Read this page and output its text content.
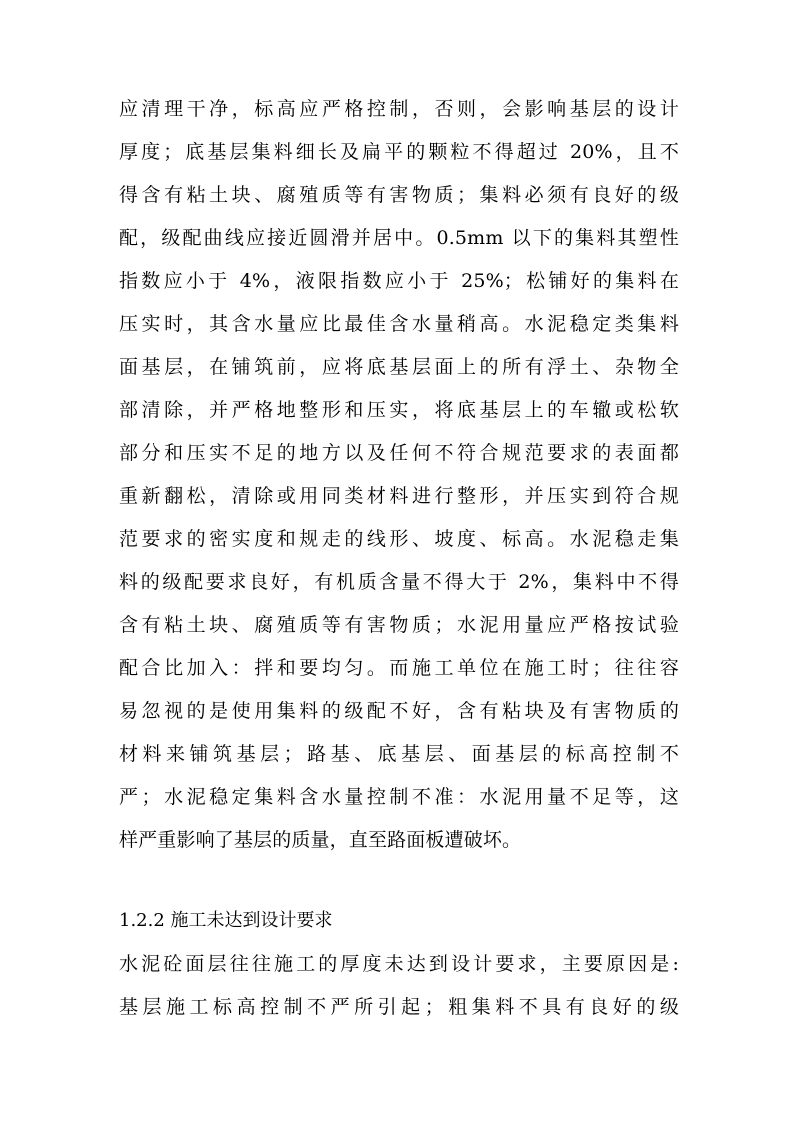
应清理干净，标高应严格控制，否则，会影响基层的设计
厚度；底基层集料细长及扁平的颗粒不得超过 20%，且不
得含有粘土块、腐殖质等有害物质；集料必须有良好的级
配，级配曲线应接近圆滑并居中。0.5mm 以下的集料其塑性
指数应小于 4%，液限指数应小于 25%；松铺好的集料在
压实时，其含水量应比最佳含水量稍高。水泥稳定类集料
面基层，在铺筑前，应将底基层面上的所有浮土、杂物全
部清除，并严格地整形和压实，将底基层上的车辙或松软
部分和压实不足的地方以及任何不符合规范要求的表面都
重新翻松，清除或用同类材料进行整形，并压实到符合规
范要求的密实度和规走的线形、坡度、标高。水泥稳走集
料的级配要求良好，有机质含量不得大于 2%，集料中不得
含有粘土块、腐殖质等有害物质；水泥用量应严格按试验
配合比加入：拌和要均匀。而施工单位在施工时；往往容
易忽视的是使用集料的级配不好，含有粘块及有害物质的
材料来铺筑基层；路基、底基层、面基层的标高控制不
严；水泥稳定集料含水量控制不准：水泥用量不足等，这
样严重影响了基层的质量，直至路面板遭破坏。
1.2.2 施工未达到设计要求
水泥砼面层往往施工的厚度未达到设计要求，主要原因是:
基层施工标高控制不严所引起；粗集料不具有良好的级
